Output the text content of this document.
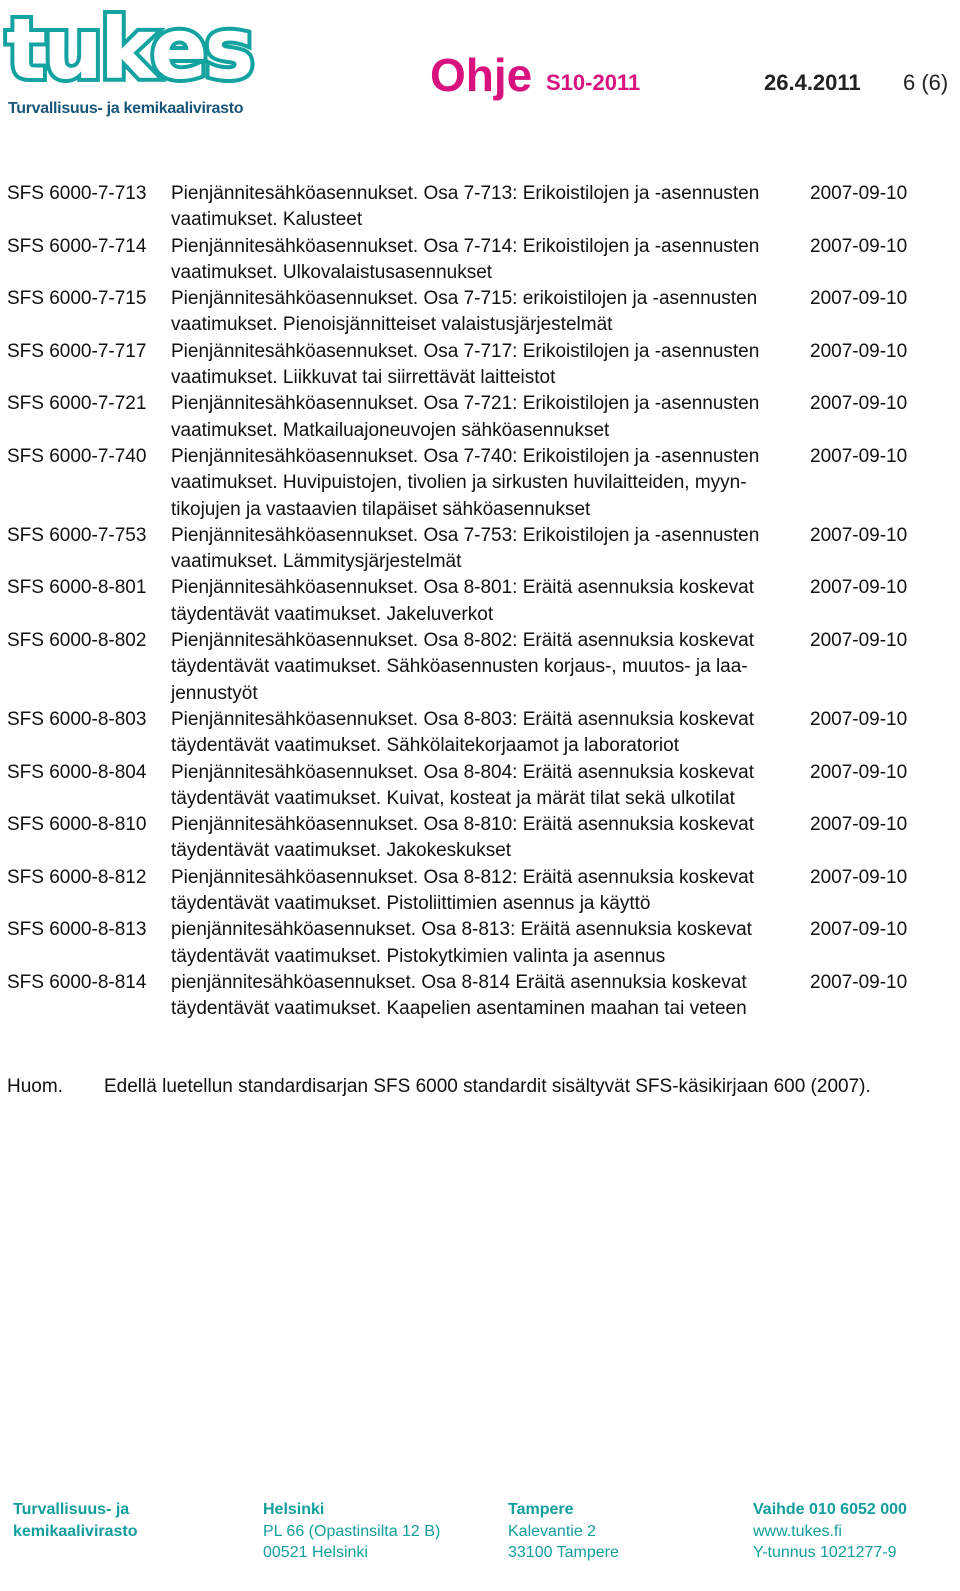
tukes
Turvallisuus- ja kemikaalivirasto
Ohje S10-2011	26.4.2011 6 (6)
SFS 6000-7-713 Pienjännitesähköasennukset. Osa 7-713: Erikoistilojen ja -asennusten
vaatimukset. Kalusteet
2007-09-10
SFS 6000-7-714 Pienjännitesähköasennukset. Osa 7-714: Erikoistilojen ja -asennusten
vaatimukset. Ulkovalaistusasennukset
2007-09-10
SFS 6000-7-715 Pienjännitesähköasennukset. Osa 7-715: erikoistilojen ja -asennusten
vaatimukset. Pienoisjännitteiset valaistusjärjestelmät
2007-09-10
SFS 6000-7-717 Pienjännitesähköasennukset. Osa 7-717: Erikoistilojen ja -asennusten
vaatimukset. Liikkuvat tai siirrettävät laitteistot
2007-09-10
SFS 6000-7-721 Pienjännitesähköasennukset. Osa 7-721: Erikoistilojen ja -asennusten
vaatimukset. Matkailuajoneuvojen sähköasennukset
2007-09-10
SFS 6000-7-740 Pienjännitesähköasennukset. Osa 7-740: Erikoistilojen ja -asennusten
vaatimukset. Huvipuistojen, tivolien ja sirkusten huvilaitteiden, myyn-
tikojujen ja vastaavien tilapäiset sähköasennukset
2007-09-10
SFS 6000-7-753 Pienjännitesähköasennukset. Osa 7-753: Erikoistilojen ja -asennusten
vaatimukset. Lämmitysjärjestelmät
2007-09-10
SFS 6000-8-801 Pienjännitesähköasennukset. Osa 8-801: Eräitä asennuksia koskevat
täydentävät vaatimukset. Jakeluverkot
2007-09-10
SFS 6000-8-802 Pienjännitesähköasennukset. Osa 8-802: Eräitä asennuksia koskevat
täydentävät vaatimukset. Sähköasennusten korjaus-, muutos- ja laa-
jennustyöt
2007-09-10
SFS 6000-8-803 Pienjännitesähköasennukset. Osa 8-803: Eräitä asennuksia koskevat
täydentävät vaatimukset. Sähkölaitekorjaamot ja laboratoriot
2007-09-10
SFS 6000-8-804 Pienjännitesähköasennukset. Osa 8-804: Eräitä asennuksia koskevat
täydentävät vaatimukset. Kuivat, kosteat ja märät tilat sekä ulkotilat
2007-09-10
SFS 6000-8-810 Pienjännitesähköasennukset. Osa 8-810: Eräitä asennuksia koskevat
täydentävät vaatimukset. Jakokeskukset
2007-09-10
SFS 6000-8-812 Pienjännitesähköasennukset. Osa 8-812: Eräitä asennuksia koskevat
täydentävät vaatimukset. Pistoliittimien asennus ja käyttö
2007-09-10
SFS 6000-8-813 pienjännitesähköasennukset. Osa 8-813: Eräitä asennuksia koskevat
täydentävät vaatimukset. Pistokytkimien valinta ja asennus
2007-09-10
SFS 6000-8-814 pienjännitesähköasennukset. Osa 8-814 Eräitä asennuksia koskevat
täydentävät vaatimukset. Kaapelien asentaminen maahan tai veteen
2007-09-10
Huom. Edellä luetellun standardisarjan SFS 6000 standardit sisältyvät SFS-käsikirjaan 600 (2007).
Turvallisuus- ja
kemikaalivirasto
Helsinki
PL 66 (Opastinsilta 12 B)
00521 Helsinki
Tampere
Kalevantie 2
33100 Tampere
Vaihde 010 6052 000
www.tukes.fi
Y-tunnus 1021277-9
